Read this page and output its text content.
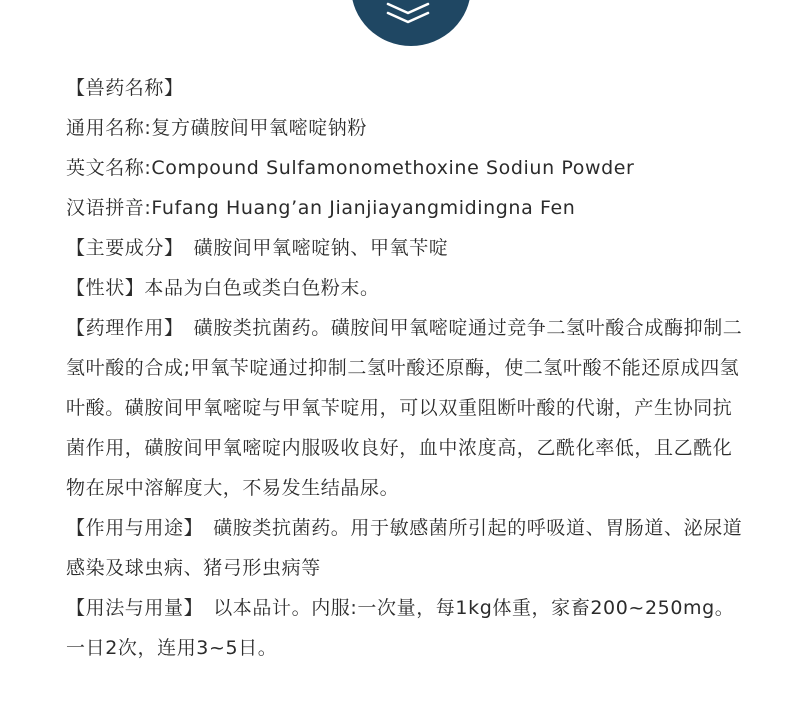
【兽药名称】
通用名称:复方磺胺间甲氧嘧啶钠粉
英文名称:Compound Sulfamonomethoxine Sodiun Powder
汉语拼音:Fufang Huang’an Jianjiayangmidingna Fen
【主要成分】 磺胺间甲氧嘧啶钠、甲氧苄啶
【性状】本品为白色或类白色粉末。
【药理作用】 磺胺类抗菌药。磺胺间甲氧嘧啶通过竞争二氢叶酸合成酶抑制二氢叶酸的合成;甲氧苄啶通过抑制二氢叶酸还原酶，使二氢叶酸不能还原成四氢叶酸。磺胺间甲氧嘧啶与甲氧苄啶用，可以双重阻断叶酸的代谢，产生协同抗菌作用，磺胺间甲氧嘧啶内服吸收良好，血中浓度高，乙酰化率低，且乙酰化物在尿中溶解度大，不易发生结晶尿。
【作用与用途】 磺胺类抗菌药。用于敏感菌所引起的呼吸道、胃肠道、泌尿道感染及球虫病、猪弓形虫病等
【用法与用量】 以本品计。内服:一次量，每1kg体重，家畜200~250mg。一日2次，连用3~5日。
